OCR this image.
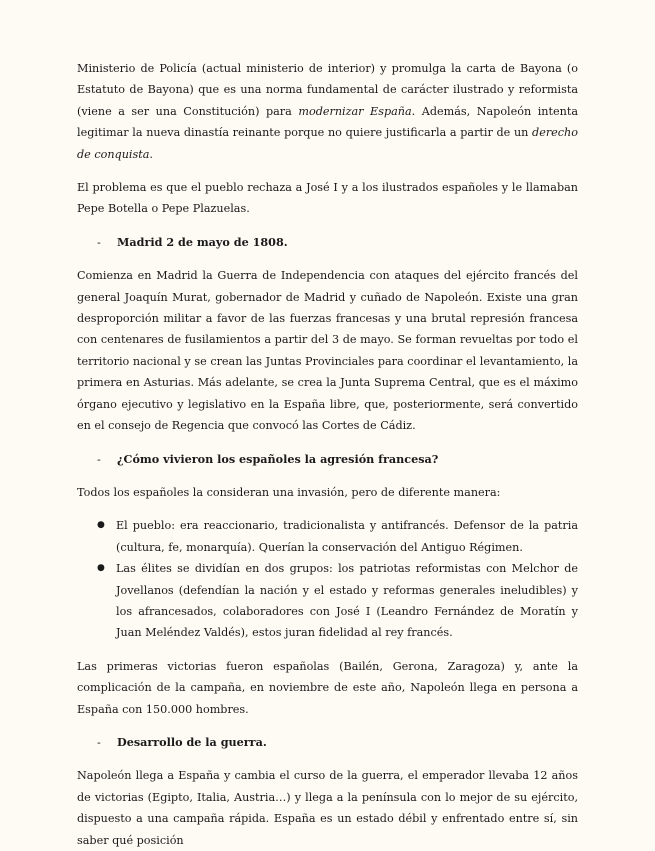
Ministerio de Policía (actual ministerio de interior) y promulga la carta de Bayona (o Estatuto de Bayona) que es una norma fundamental de carácter ilustrado y reformista (viene a ser una Constitución) para modernizar España. Además, Napoleón intenta legitimar la nueva dinastía reinante porque no quiere justificarla a partir de un derecho de conquista.

El problema es que el pueblo rechaza a José I y a los ilustrados españoles y le llamaban Pepe Botella o Pepe Plazuelas.

-	Madrid 2 de mayo de 1808.

Comienza en Madrid la Guerra de Independencia con ataques del ejército francés del general Joaquín Murat, gobernador de Madrid y cuñado de Napoleón. Existe una gran desproporción militar a favor de las fuerzas francesas y una brutal represión francesa con centenares de fusilamientos a partir del 3 de mayo. Se forman revueltas por todo el territorio nacional y se crean las Juntas Provinciales para coordinar el levantamiento, la primera en Asturias. Más adelante, se crea la Junta Suprema Central, que es el máximo órgano ejecutivo y legislativo en la España libre, que, posteriormente, será convertido en el consejo de Regencia que convocó las Cortes de Cádiz.

-	¿Cómo vivieron los españoles la agresión francesa?

Todos los españoles la consideran una invasión, pero de diferente manera:

● El pueblo: era reaccionario, tradicionalista y antifrancés. Defensor de la patria (cultura, fe, monarquía). Querían la conservación del Antiguo Régimen.
● Las élites se dividían en dos grupos: los patriotas reformistas con Melchor de Jovellanos (defendían la nación y el estado y reformas generales ineludibles) y los afrancesados, colaboradores con José I (Leandro Fernández de Moratín y Juan Meléndez Valdés), estos juran fidelidad al rey francés.

Las primeras victorias fueron españolas (Bailén, Gerona, Zaragoza) y, ante la complicación de la campaña, en noviembre de este año, Napoleón llega en persona a España con 150.000 hombres.

-	Desarrollo de la guerra.

Napoleón llega a España y cambia el curso de la guerra, el emperador llevaba 12 años de victorias (Egipto, Italia, Austria…) y llega a la península con lo mejor de su ejército, dispuesto a una campaña rápida. España es un estado débil y enfrentado entre sí, sin saber qué posición
